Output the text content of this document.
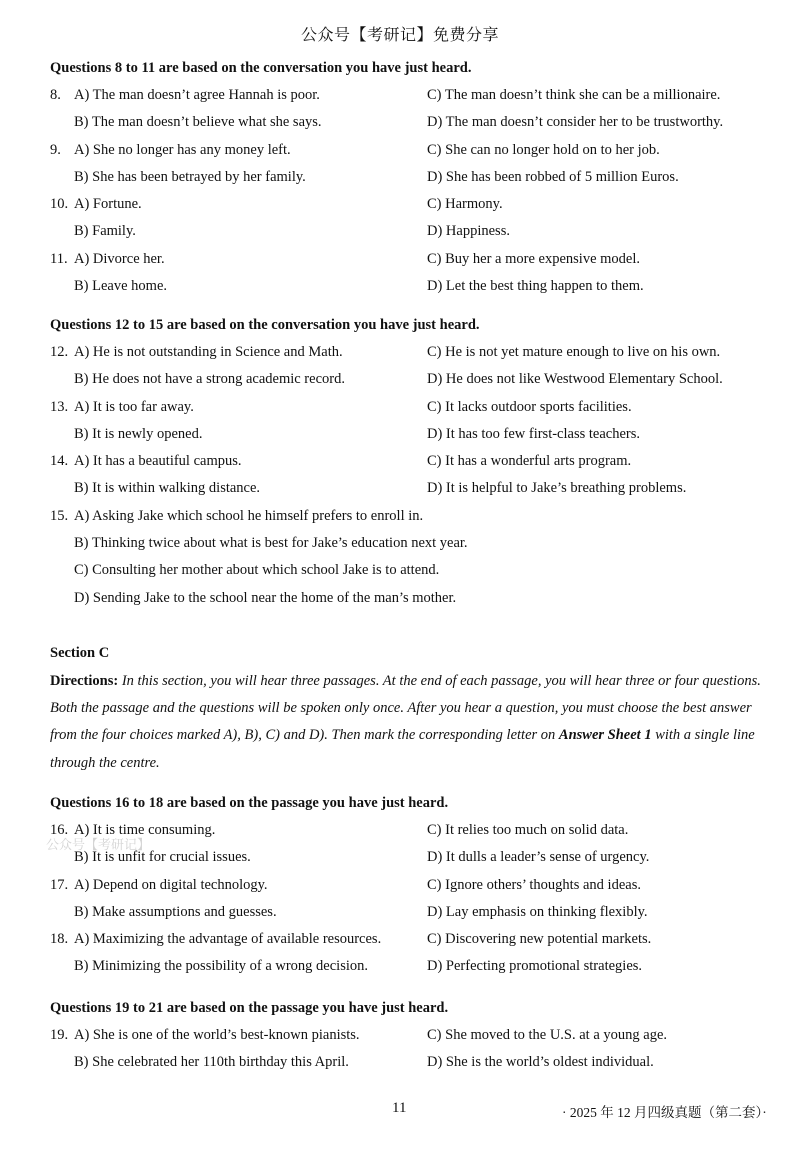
公众号【考研记】免费分享
Questions 8 to 11 are based on the conversation you have just heard.
8. A) The man doesn’t agree Hannah is poor.	C) The man doesn’t think she can be a millionaire.
B) The man doesn’t believe what she says.	D) The man doesn’t consider her to be trustworthy.
9. A) She no longer has any money left.	C) She can no longer hold on to her job.
B) She has been betrayed by her family.	D) She has been robbed of 5 million Euros.
10. A) Fortune.	C) Harmony.
B) Family.	D) Happiness.
11. A) Divorce her.	C) Buy her a more expensive model.
B) Leave home.	D) Let the best thing happen to them.
Questions 12 to 15 are based on the conversation you have just heard.
12. A) He is not outstanding in Science and Math.	C) He is not yet mature enough to live on his own.
B) He does not have a strong academic record.	D) He does not like Westwood Elementary School.
13. A) It is too far away.	C) It lacks outdoor sports facilities.
B) It is newly opened.	D) It has too few first-class teachers.
14. A) It has a beautiful campus.	C) It has a wonderful arts program.
B) It is within walking distance.	D) It is helpful to Jake’s breathing problems.
15. A) Asking Jake which school he himself prefers to enroll in.
B) Thinking twice about what is best for Jake’s education next year.
C) Consulting her mother about which school Jake is to attend.
D) Sending Jake to the school near the home of the man’s mother.
Section C
Directions: In this section, you will hear three passages. At the end of each passage, you will hear three or four questions. Both the passage and the questions will be spoken only once. After you hear a question, you must choose the best answer from the four choices marked A), B), C) and D). Then mark the corresponding letter on Answer Sheet 1 with a single line through the centre.
Questions 16 to 18 are based on the passage you have just heard.
16. A) It is time consuming.	C) It relies too much on solid data.
B) It is unfit for crucial issues.	D) It dulls a leader’s sense of urgency.
17. A) Depend on digital technology.	C) Ignore others’ thoughts and ideas.
B) Make assumptions and guesses.	D) Lay emphasis on thinking flexibly.
18. A) Maximizing the advantage of available resources.	C) Discovering new potential markets.
B) Minimizing the possibility of a wrong decision.	D) Perfecting promotional strategies.
Questions 19 to 21 are based on the passage you have just heard.
19. A) She is one of the world’s best-known pianists.	C) She moved to the U.S. at a young age.
B) She celebrated her 110th birthday this April.	D) She is the world’s oldest individual.
公众号【考研记】
11	· 2025 年 12 月四级真题（第二套）·
